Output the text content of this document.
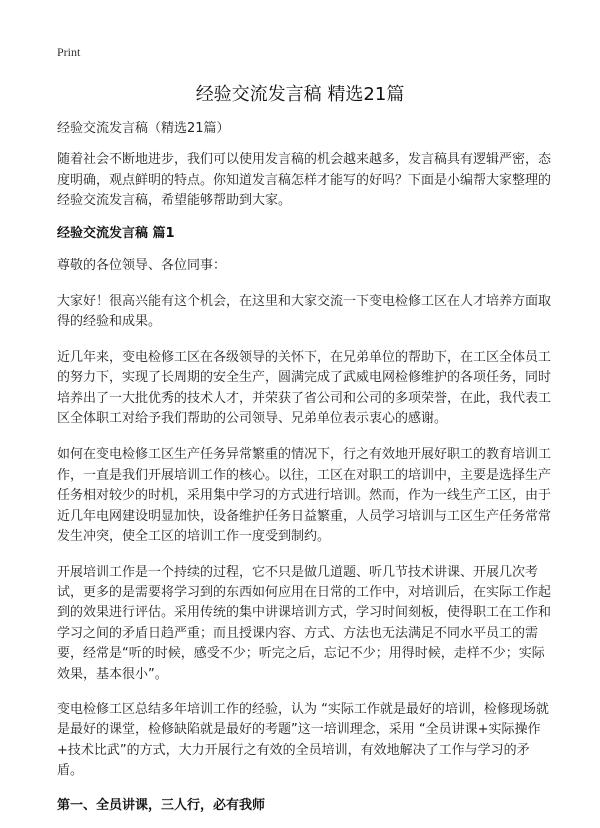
Print
经验交流发言稿 精选21篇

经验交流发言稿（精选21篇）

随着社会不断地进步，我们可以使用发言稿的机会越来越多，发言稿具有逻辑严密，态度明确，观点鲜明的特点。你知道发言稿怎样才能写的好吗？下面是小编帮大家整理的经验交流发言稿，希望能够帮助到大家。

经验交流发言稿 篇1

尊敬的各位领导、各位同事：

大家好！很高兴能有这个机会，在这里和大家交流一下变电检修工区在人才培养方面取得的经验和成果。

近几年来，变电检修工区在各级领导的关怀下，在兄弟单位的帮助下，在工区全体员工的努力下，实现了长周期的安全生产，圆满完成了武威电网检修维护的各项任务，同时培养出了一大批优秀的技术人才，并荣获了省公司和公司的多项荣誉，在此，我代表工区全体职工对给予我们帮助的公司领导、兄弟单位表示衷心的感谢。

如何在变电检修工区生产任务异常繁重的情况下，行之有效地开展好职工的教育培训工作，一直是我们开展培训工作的核心。以往，工区在对职工的培训中，主要是选择生产任务相对较少的时机，采用集中学习的方式进行培训。然而，作为一线生产工区，由于近几年电网建设明显加快，设备维护任务日益繁重，人员学习培训与工区生产任务常常发生冲突，使全工区的培训工作一度受到制约。

开展培训工作是一个持续的过程，它不只是做几道题、听几节技术讲课、开展几次考试，更多的是需要将学习到的东西如何应用在日常的工作中，对培训后，在实际工作起到的效果进行评估。采用传统的集中讲课培训方式，学习时间刻板，使得职工在工作和学习之间的矛盾日趋严重；而且授课内容、方式、方法也无法满足不同水平员工的需要，经常是“听的时候，感受不少；听完之后，忘记不少；用得时候，走样不少；实际效果，基本很小”。

变电检修工区总结多年培训工作的经验，认为 “实际工作就是最好的培训，检修现场就是最好的课堂，检修缺陷就是最好的考题”这一培训理念，采用 “全员讲课+实际操作+技术比武”的方式，大力开展行之有效的全员培训，有效地解决了工作与学习的矛盾。

第一、全员讲课，三人行，必有我师
